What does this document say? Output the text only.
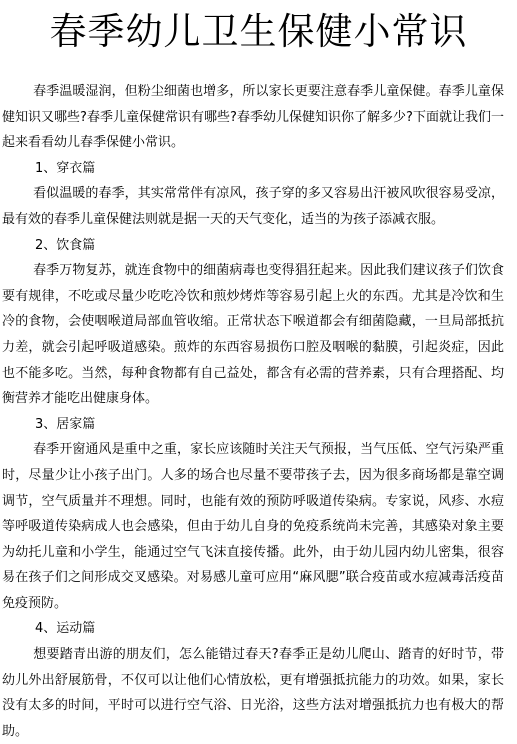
春季幼儿卫生保健小常识

春季温暖湿润，但粉尘细菌也增多，所以家长更要注意春季儿童保健。春季儿童保健知识又哪些?春季儿童保健常识有哪些?春季幼儿保健知识你了解多少?下面就让我们一起来看看幼儿春季保健小常识。

1、穿衣篇

看似温暖的春季，其实常常伴有凉风，孩子穿的多又容易出汗被风吹很容易受凉，最有效的春季儿童保健法则就是据一天的天气变化，适当的为孩子添减衣服。

2、饮食篇

春季万物复苏，就连食物中的细菌病毒也变得猖狂起来。因此我们建议孩子们饮食要有规律，不吃或尽量少吃吃冷饮和煎炒烤炸等容易引起上火的东西。尤其是冷饮和生冷的食物，会使咽喉道局部血管收缩。正常状态下喉道都会有细菌隐藏，一旦局部抵抗力差，就会引起呼吸道感染。煎炸的东西容易损伤口腔及咽喉的黏膜，引起炎症，因此也不能多吃。当然，每种食物都有自己益处，都含有必需的营养素，只有合理搭配、均衡营养才能吃出健康身体。

3、居家篇

春季开窗通风是重中之重，家长应该随时关注天气预报，当气压低、空气污染严重时，尽量少让小孩子出门。人多的场合也尽量不要带孩子去，因为很多商场都是靠空调调节，空气质量并不理想。同时，也能有效的预防呼吸道传染病。专家说，风疹、水痘等呼吸道传染病成人也会感染，但由于幼儿自身的免疫系统尚未完善，其感染对象主要为幼托儿童和小学生，能通过空气飞沫直接传播。此外，由于幼儿园内幼儿密集，很容易在孩子们之间形成交叉感染。对易感儿童可应用“麻风腮”联合疫苗或水痘减毒活疫苗免疫预防。

4、运动篇

想要踏青出游的朋友们，怎么能错过春天?春季正是幼儿爬山、踏青的好时节，带幼儿外出舒展筋骨，不仅可以让他们心情放松，更有增强抵抗能力的功效。如果，家长没有太多的时间，平时可以进行空气浴、日光浴，这些方法对增强抵抗力也有极大的帮助。
